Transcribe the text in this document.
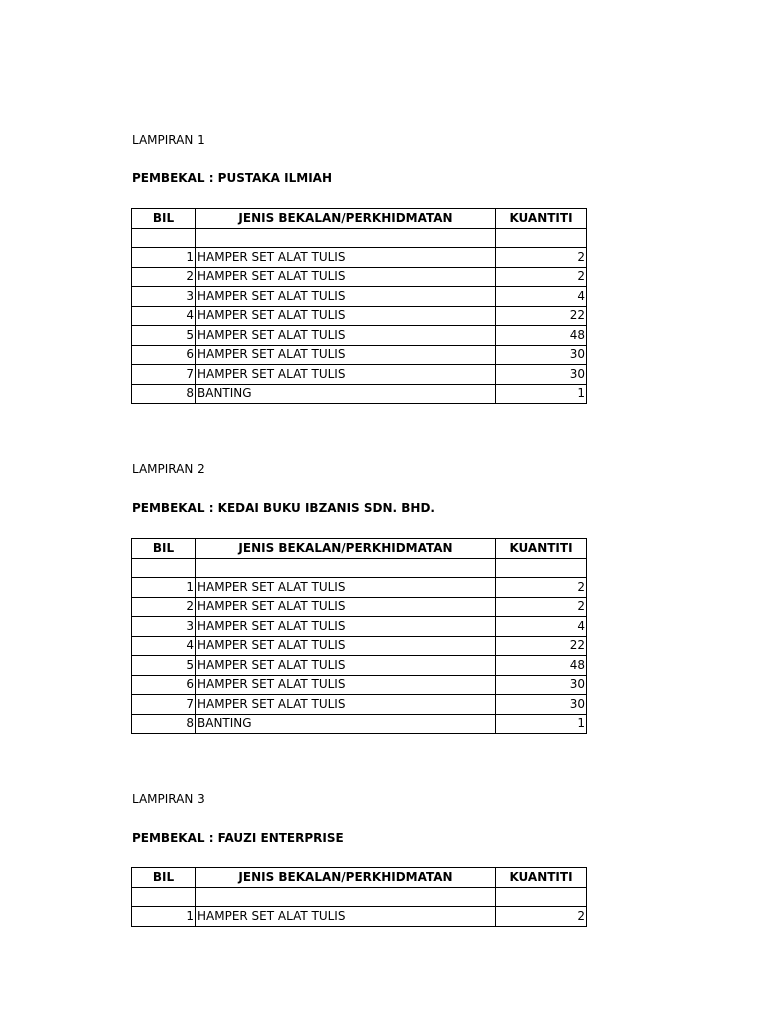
LAMPIRAN 1
PEMBEKAL : PUSTAKA ILMIAH
BIL	JENIS BEKALAN/PERKHIDMATAN	KUANTITI

1	HAMPER SET ALAT TULIS	2
2	HAMPER SET ALAT TULIS	2
3	HAMPER SET ALAT TULIS	4
4	HAMPER SET ALAT TULIS	22
5	HAMPER SET ALAT TULIS	48
6	HAMPER SET ALAT TULIS	30
7	HAMPER SET ALAT TULIS	30
8	BANTING	1
LAMPIRAN 2
PEMBEKAL : KEDAI BUKU IBZANIS SDN. BHD.
BIL	JENIS BEKALAN/PERKHIDMATAN	KUANTITI

1	HAMPER SET ALAT TULIS	2
2	HAMPER SET ALAT TULIS	2
3	HAMPER SET ALAT TULIS	4
4	HAMPER SET ALAT TULIS	22
5	HAMPER SET ALAT TULIS	48
6	HAMPER SET ALAT TULIS	30
7	HAMPER SET ALAT TULIS	30
8	BANTING	1
LAMPIRAN 3
PEMBEKAL : FAUZI ENTERPRISE
BIL	JENIS BEKALAN/PERKHIDMATAN	KUANTITI

1	HAMPER SET ALAT TULIS	2
